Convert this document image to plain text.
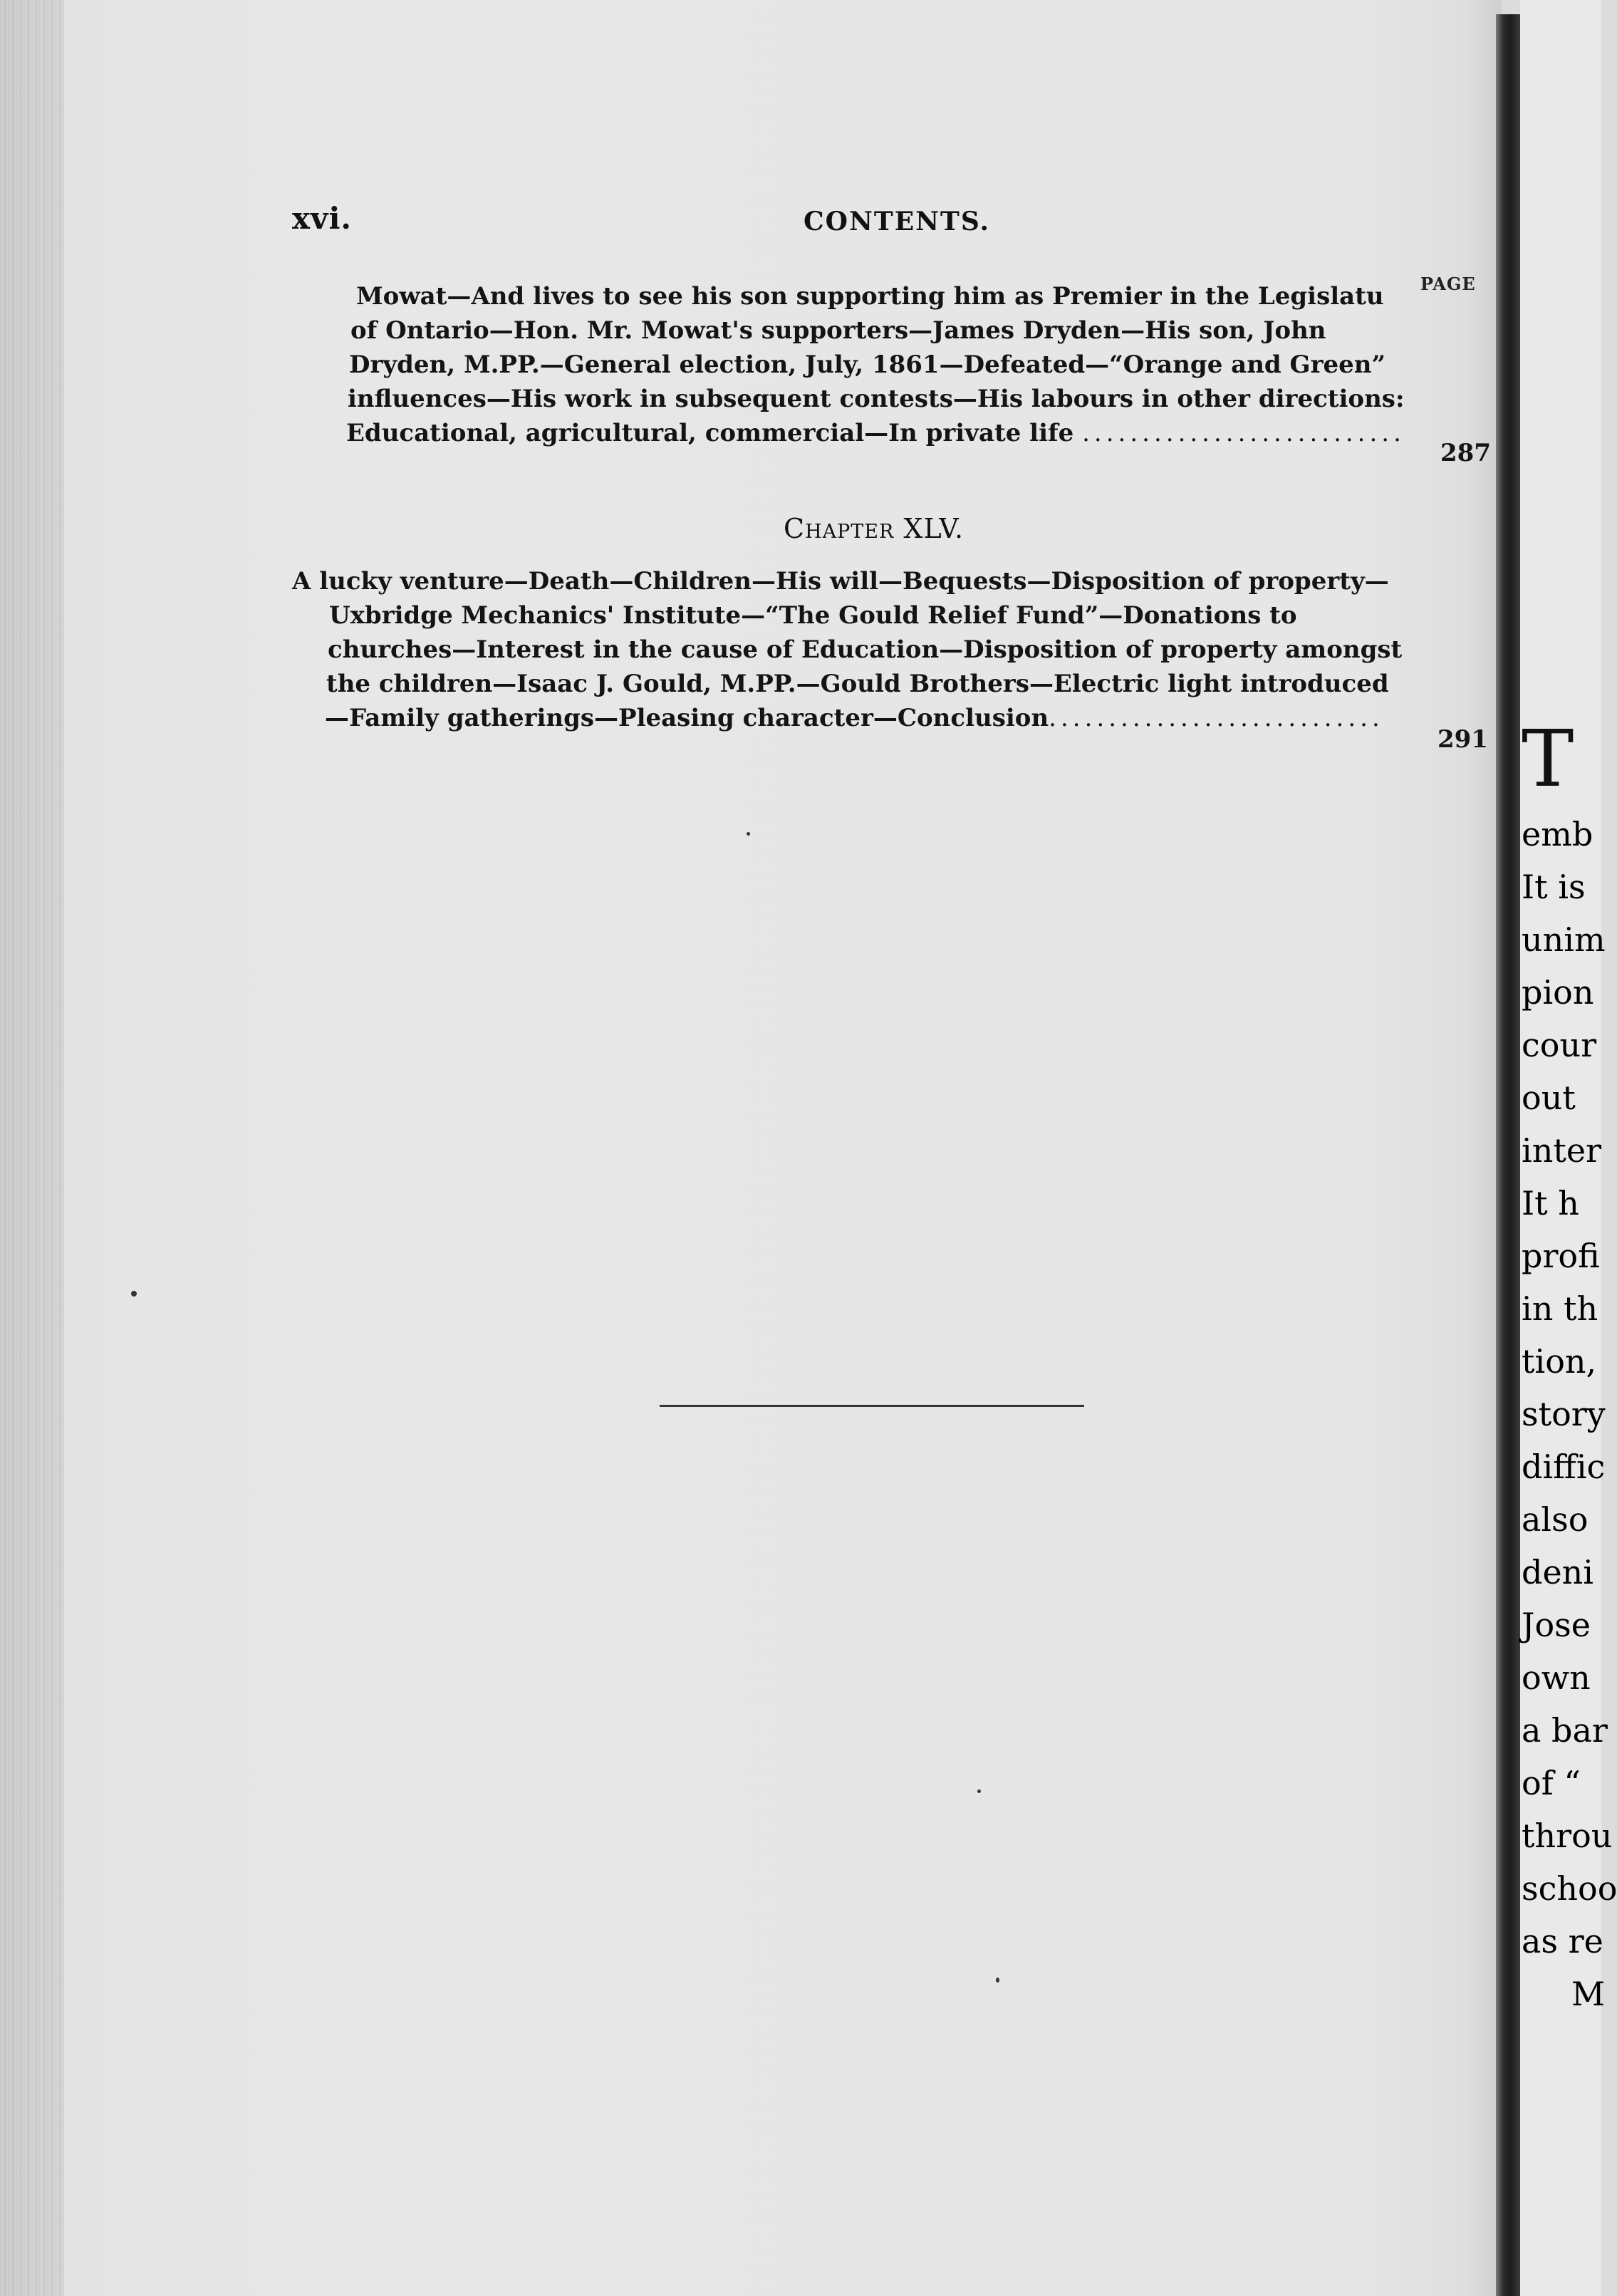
xvi.	CONTENTS.
PAGE
Mowat—And lives to see his son supporting him as Premier in the Legislatu
of Ontario—Hon. Mr. Mowat's supporters—James Dryden—His son, John
Dryden, M.PP.—General election, July, 1861—Defeated—“Orange and Green”
influences—His work in subsequent contests—His labours in other directions:
Educational, agricultural, commercial—In private life ...........................
287
Chapter XLV.
A lucky venture—Death—Children—His will—Bequests—Disposition of property—
Uxbridge Mechanics' Institute—“The Gould Relief Fund”—Donations to
churches—Interest in the cause of Education—Disposition of property amongst
the children—Isaac J. Gould, M.PP.—Gould Brothers—Electric light introduced
—Family gatherings—Pleasing character—Conclusion............................
291 T
emb
It is
unim
pion
cour
out
inter
It h
profi
in th
tion,
story
diffic
also
deni
Jose
own
a bar
of “
throu
schoo
as re
M
